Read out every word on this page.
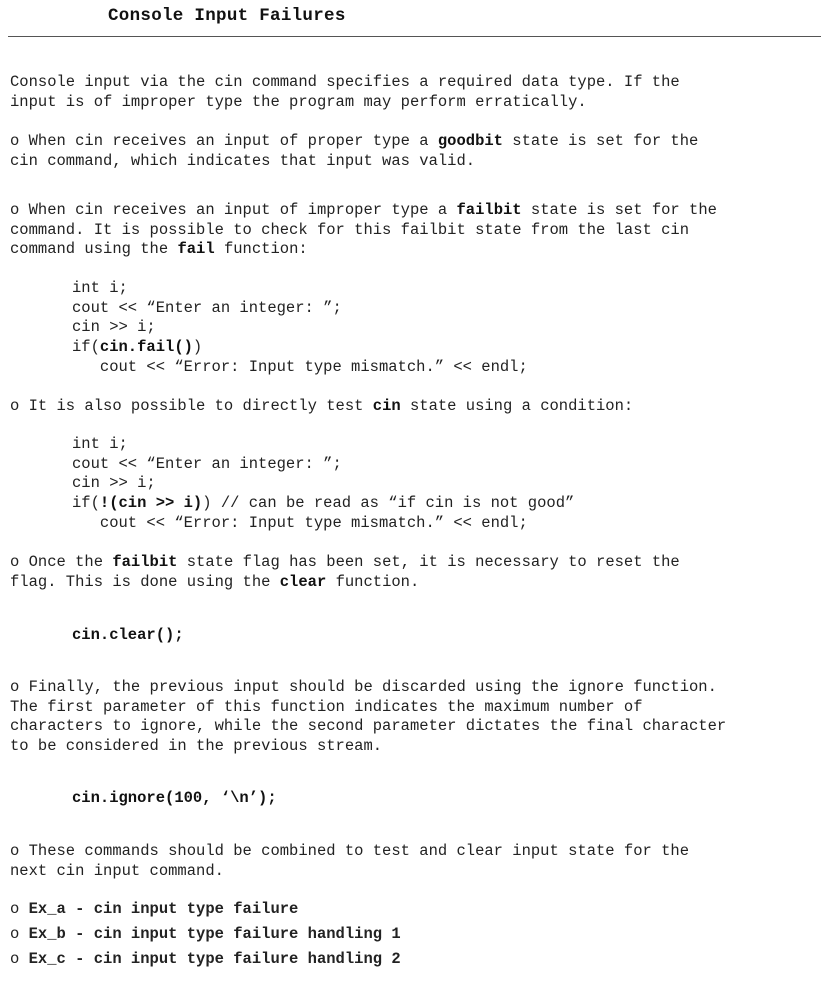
Console Input Failures

Console input via the cin command specifies a required data type. If the
input is of improper type the program may perform erratically.

o When cin receives an input of proper type a goodbit state is set for the
cin command, which indicates that input was valid.

o When cin receives an input of improper type a failbit state is set for the
command. It is possible to check for this failbit state from the last cin
command using the fail function:

int i;
cout << “Enter an integer: ”;
cin >> i;
if(cin.fail())
cout << “Error: Input type mismatch.” << endl;

o It is also possible to directly test cin state using a condition:

int i;
cout << “Enter an integer: ”;
cin >> i;
if(!(cin >> i)) // can be read as “if cin is not good”
cout << “Error: Input type mismatch.” << endl;

o Once the failbit state flag has been set, it is necessary to reset the
flag. This is done using the clear function.

cin.clear();

o Finally, the previous input should be discarded using the ignore function.
The first parameter of this function indicates the maximum number of
characters to ignore, while the second parameter dictates the final character
to be considered in the previous stream.

cin.ignore(100, ‘\n’);

o These commands should be combined to test and clear input state for the
next cin input command.

o Ex_a - cin input type failure
o Ex_b - cin input type failure handling 1
o Ex_c - cin input type failure handling 2
